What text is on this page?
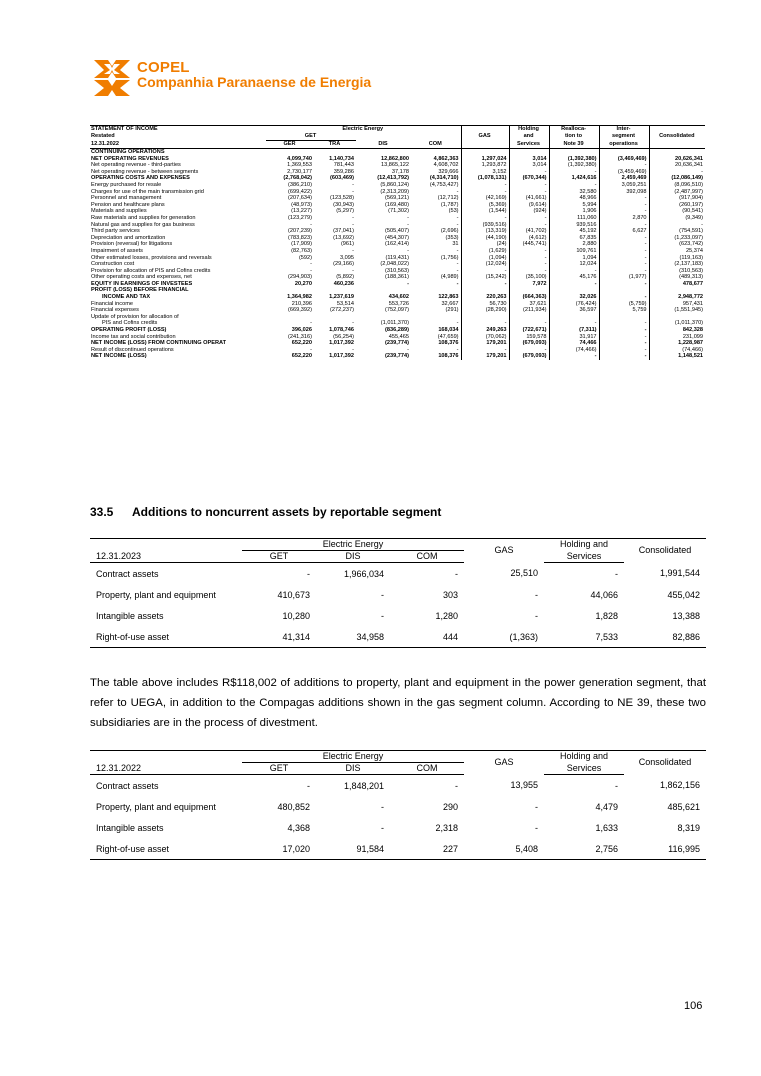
COPEL
Companhia Paranaense de Energia
STATEMENT OF INCOME	Electric Energy					Holding	Realloca-	Inter-	
Restated	GET				GAS	and	tion to	segment	Consolidated
12.31.2022	GER	TRA	DIS	COM		Services	Note 39	operations	
CONTINUING OPERATIONS									
NET OPERATING REVENUES	4,099,740	1,140,734	12,862,800	4,862,363	1,297,024	3,014	(1,392,380)	(3,469,469)	20,626,341
Net operating revenue - third-parties	1,369,553	781,443	13,865,122	4,608,702	1,293,872	3,014	(1,392,380)	-	20,636,341
Net operating revenue - between segments	2,730,177	359,286	37,178	329,666	3,152	-	-	(3,459,469)	-
OPERATING COSTS AND EXPENSES	(2,768,042)	(603,469)	(12,413,792)	(4,314,710)	(1,078,131)	(670,344)	1,424,616	2,459,469	(12,086,149)
Energy purchased for resale	(386,210)	-	(5,860,124)	(4,753,427)	-	-	-	3,059,251	(8,096,510)
Charges for use of the main transmission grid	(699,422)	-	(2,313,209)	-	-	-	32,580	392,098	(2,487,997)
Personnel and management	(207,634)	(123,528)	(569,121)	(12,712)	(42,169)	(41,661)	48,966	-	(917,904)
Pension and healthcare plans	(48,973)	(30,943)	(169,480)	(1,787)	(5,369)	(9,614)	5,994	-	(260,197)
Materials and supplies	(13,227)	(5,297)	(71,302)	(53)	(1,544)	(924)	1,906	-	(90,541)
Raw materials and supplies for generation	(123,279)	-	-	-	-	-	111,060	2,870	(9,349)
Natural gas and supplies for gas business	-	-	-	-	(939,516)	-	939,516	-	-
Third party services	(207,239)	(37,041)	(505,407)	(2,696)	(13,319)	(41,702)	45,192	6,627	(754,591)
Depreciation and amortization	(783,823)	(13,692)	(454,307)	(353)	(44,190)	(4,612)	67,835	-	(1,233,097)
Provision (reversal) for litigations	(17,909)	(961)	(162,414)	31	(24)	(445,741)	2,880	-	(623,742)
Impairment of assets	(82,763)	-	-	-	(1,629)	-	109,761	-	25,374
Other estimated losses, provisions and reversals	(592)	3,095	(119,431)	(1,756)	(1,094)	-	1,094	-	(119,163)
Construction cost	-	(29,166)	(2,048,022)	-	(12,024)	-	12,024	-	(2,137,183)
Provision for allocation of PIS and Cofins credits	-	-	(310,563)	-	-	-	-	-	(310,563)
Other operating costs and expenses, net	(294,903)	(5,892)	(188,361)	(4,989)	(15,242)	(35,100)	45,176	(1,977)	(489,313)
EQUITY IN EARNINGS OF INVESTEES	20,270	460,236	-	-	-	7,972	-	-	478,677
PROFIT (LOSS) BEFORE FINANCIAL									
INCOME AND TAX	1,364,982	1,237,619	434,602	122,863	220,263	(664,363)	32,026	-	2,948,772
Financial income	210,396	53,514	553,726	32,667	56,730	37,621	(76,424)	(5,759)	957,431
Financial expenses	(669,392)	(272,237)	(752,097)	(291)	(28,290)	(211,934)	36,597	5,759	(1,551,945)
Update of provision for allocation of									
PIS and Cofins credits	-	-	(1,011,370)	-	-	-	-	-	(1,011,370)
OPERATING PROFIT (LOSS)	396,026	1,078,746	(836,289)	168,034	249,263	(722,671)	(7,311)	-	842,328
Income tax and social contribution	(241,316)	(56,254)	455,465	(47,659)	(70,062)	159,578	31,917	-	231,099
NET INCOME (LOSS) FROM CONTINUING OPERAT	652,220	1,017,392	(239,774)	108,376	179,201	(679,093)	74,466	-	1,228,987
Result of discontinued operations	-	-	-	-	-	-	(74,466)	-	(74,466)
NET INCOME (LOSS)	652,220	1,017,392	(239,774)	108,376	179,201	(679,093)	-	-	1,148,521
33.5 Additions to noncurrent assets by reportable segment
	Electric Energy			GAS	Holding and	Consolidated
12.31.2023	GET	DIS	COM		Services	
Contract assets	-	1,966,034	-	25,510	-	1,991,544
Property, plant and equipment	410,673	-	303	-	44,066	455,042
Intangible assets	10,280	-	1,280	-	1,828	13,388
Right-of-use asset	41,314	34,958	444	(1,363)	7,533	82,886

The table above includes R$118,002 of additions to property, plant and equipment in the power generation segment, that refer to UEGA, in addition to the Compagas additions shown in the gas segment column. According to NE 39, these two subsidiaries are in the process of divestment.

	Electric Energy			GAS	Holding and	Consolidated
12.31.2022	GET	DIS	COM		Services	
Contract assets	-	1,848,201	-	13,955	-	1,862,156
Property, plant and equipment	480,852	-	290	-	4,479	485,621
Intangible assets	4,368	-	2,318	-	1,633	8,319
Right-of-use asset	17,020	91,584	227	5,408	2,756	116,995
106
